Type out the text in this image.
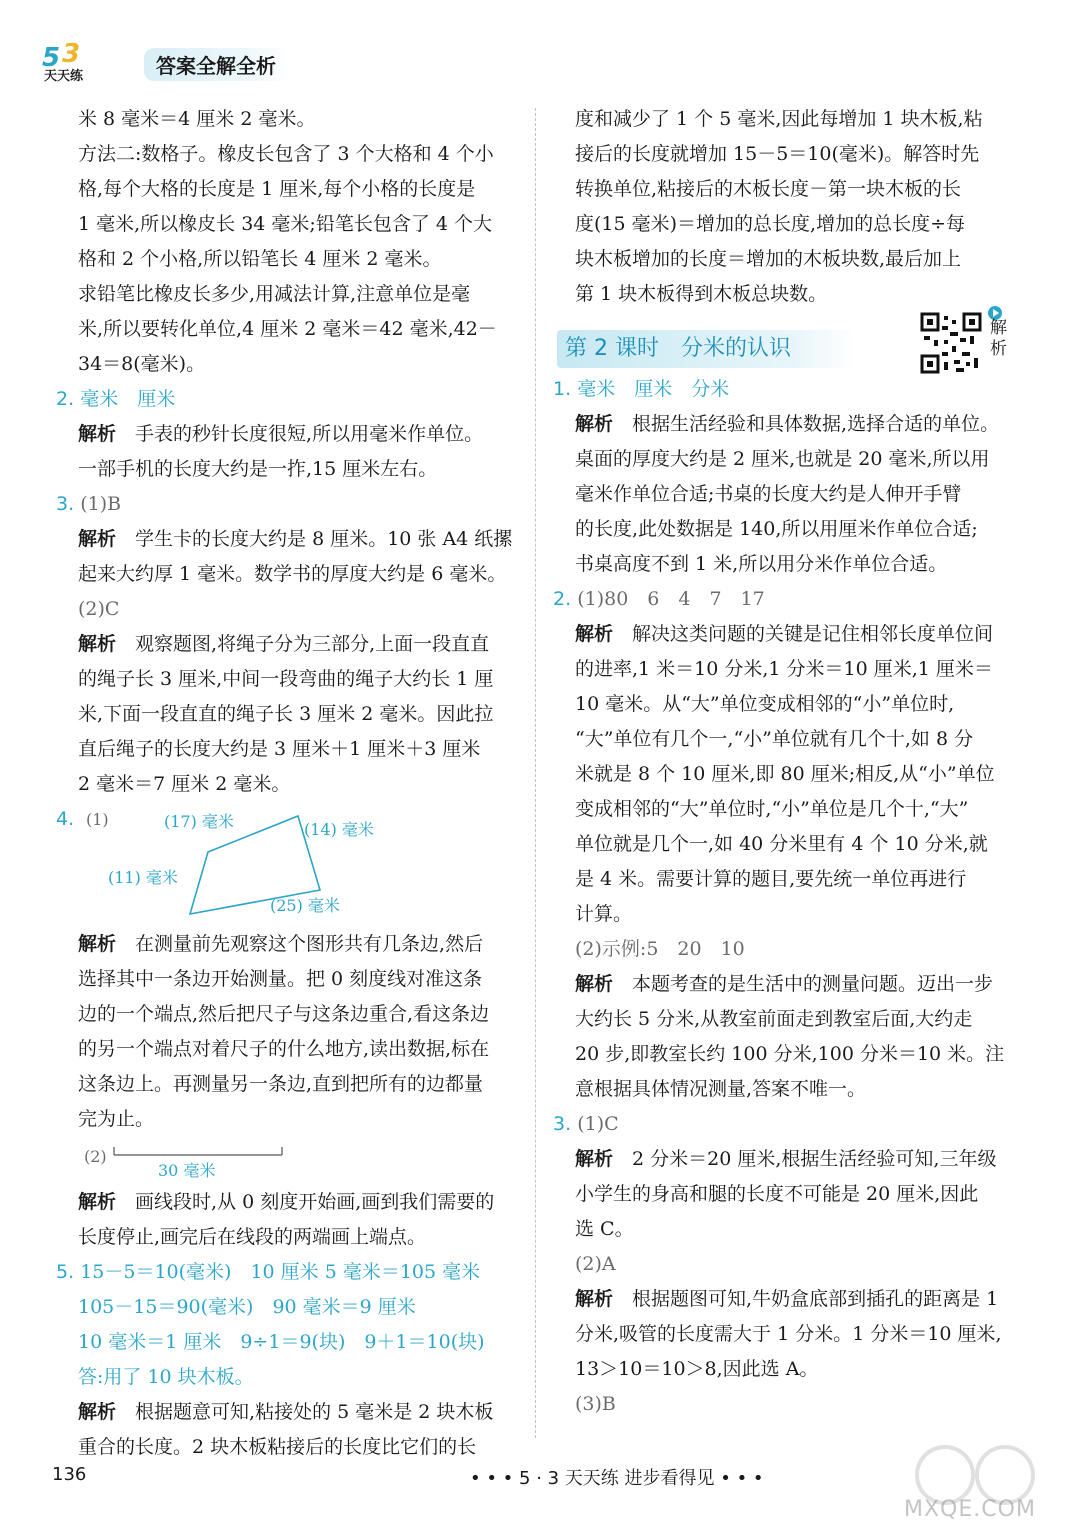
5 3
天天练	答案全解全析
米 8 毫米＝4 厘米 2 毫米。
方法二:数格子。橡皮长包含了 3 个大格和 4 个小
格,每个大格的长度是 1 厘米,每个小格的长度是
1 毫米,所以橡皮长 34 毫米;铅笔长包含了 4 个大
格和 2 个小格,所以铅笔长 4 厘米 2 毫米。
求铅笔比橡皮长多少,用减法计算,注意单位是毫
米,所以要转化单位,4 厘米 2 毫米＝42 毫米,42－
34＝8(毫米)。
2. 毫米　厘米
解析　 手表的秒针长度很短,所以用毫米作单位。
一部手机的长度大约是一拃,15 厘米左右。
3. (1)B
解析　 学生卡的长度大约是 8 厘米。10 张 A4 纸摞
起来大约厚 1 毫米。数学书的厚度大约是 6 毫米。
(2)C
解析　 观察题图,将绳子分为三部分,上面一段直直
的绳子长 3 厘米,中间一段弯曲的绳子大约长 1 厘
米,下面一段直直的绳子长 3 厘米 2 毫米。因此拉
直后绳子的长度大约是 3 厘米＋1 厘米＋3 厘米
2 毫米＝7 厘米 2 毫米。
4. (1)	(17) 毫米	(14) 毫米
(11) 毫米
(25) 毫米
解析　 在测量前先观察这个图形共有几条边,然后
选择其中一条边开始测量。把 0 刻度线对准这条
边的一个端点,然后把尺子与这条边重合,看这条边
的另一个端点对着尺子的什么地方,读出数据,标在
这条边上。再测量另一条边,直到把所有的边都量
完为止。
(2)
30 毫米
解析　 画线段时,从 0 刻度开始画,画到我们需要的
长度停止,画完后在线段的两端画上端点。
5. 15－5＝10(毫米)　10 厘米 5 毫米＝105 毫米
105－15＝90(毫米)　90 毫米＝9 厘米
10 毫米＝1 厘米　9÷1＝9(块)　9＋1＝10(块)
答:用了 10 块木板。
解析　 根据题意可知,粘接处的 5 毫米是 2 块木板
重合的长度。2 块木板粘接后的长度比它们的长
度和减少了 1 个 5 毫米,因此每增加 1 块木板,粘
接后的长度就增加 15－5＝10(毫米)。解答时先
转换单位,粘接后的木板长度－第一块木板的长
度(15 毫米)＝增加的总长度,增加的总长度÷每
块木板增加的长度＝增加的木板块数,最后加上
第 1 块木板得到木板总块数。
第 2 课时　分米的认识
解析
1. 毫米　厘米　分米
解析　 根据生活经验和具体数据,选择合适的单位。
桌面的厚度大约是 2 厘米,也就是 20 毫米,所以用
毫米作单位合适;书桌的长度大约是人伸开手臂
的长度,此处数据是 140,所以用厘米作单位合适;
书桌高度不到 1 米,所以用分米作单位合适。
2. (1)80　6　4　7　17
解析　 解决这类问题的关键是记住相邻长度单位间
的进率,1 米＝10 分米,1 分米＝10 厘米,1 厘米＝
10 毫米。从“大”单位变成相邻的“小”单位时,
“大”单位有几个一,“小”单位就有几个十,如 8 分
米就是 8 个 10 厘米,即 80 厘米;相反,从“小”单位
变成相邻的“大”单位时,“小”单位是几个十,“大”
单位就是几个一,如 40 分米里有 4 个 10 分米,就
是 4 米。需要计算的题目,要先统一单位再进行
计算。
(2)示例:5　20　10
解析　 本题考查的是生活中的测量问题。迈出一步
大约长 5 分米,从教室前面走到教室后面,大约走
20 步,即教室长约 100 分米,100 分米＝10 米。注
意根据具体情况测量,答案不唯一。
3. (1)C
解析　 2 分米＝20 厘米,根据生活经验可知,三年级
小学生的身高和腿的长度不可能是 20 厘米,因此
选 C。
(2)A
解析　 根据题图可知,牛奶盒底部到插孔的距离是 1
分米,吸管的长度需大于 1 分米。1 分米＝10 厘米,
13＞10＝10＞8,因此选 A。
(3)B
136	• • • 5 · 3 天天练 进步看得见 • • •
MXQE.COM
